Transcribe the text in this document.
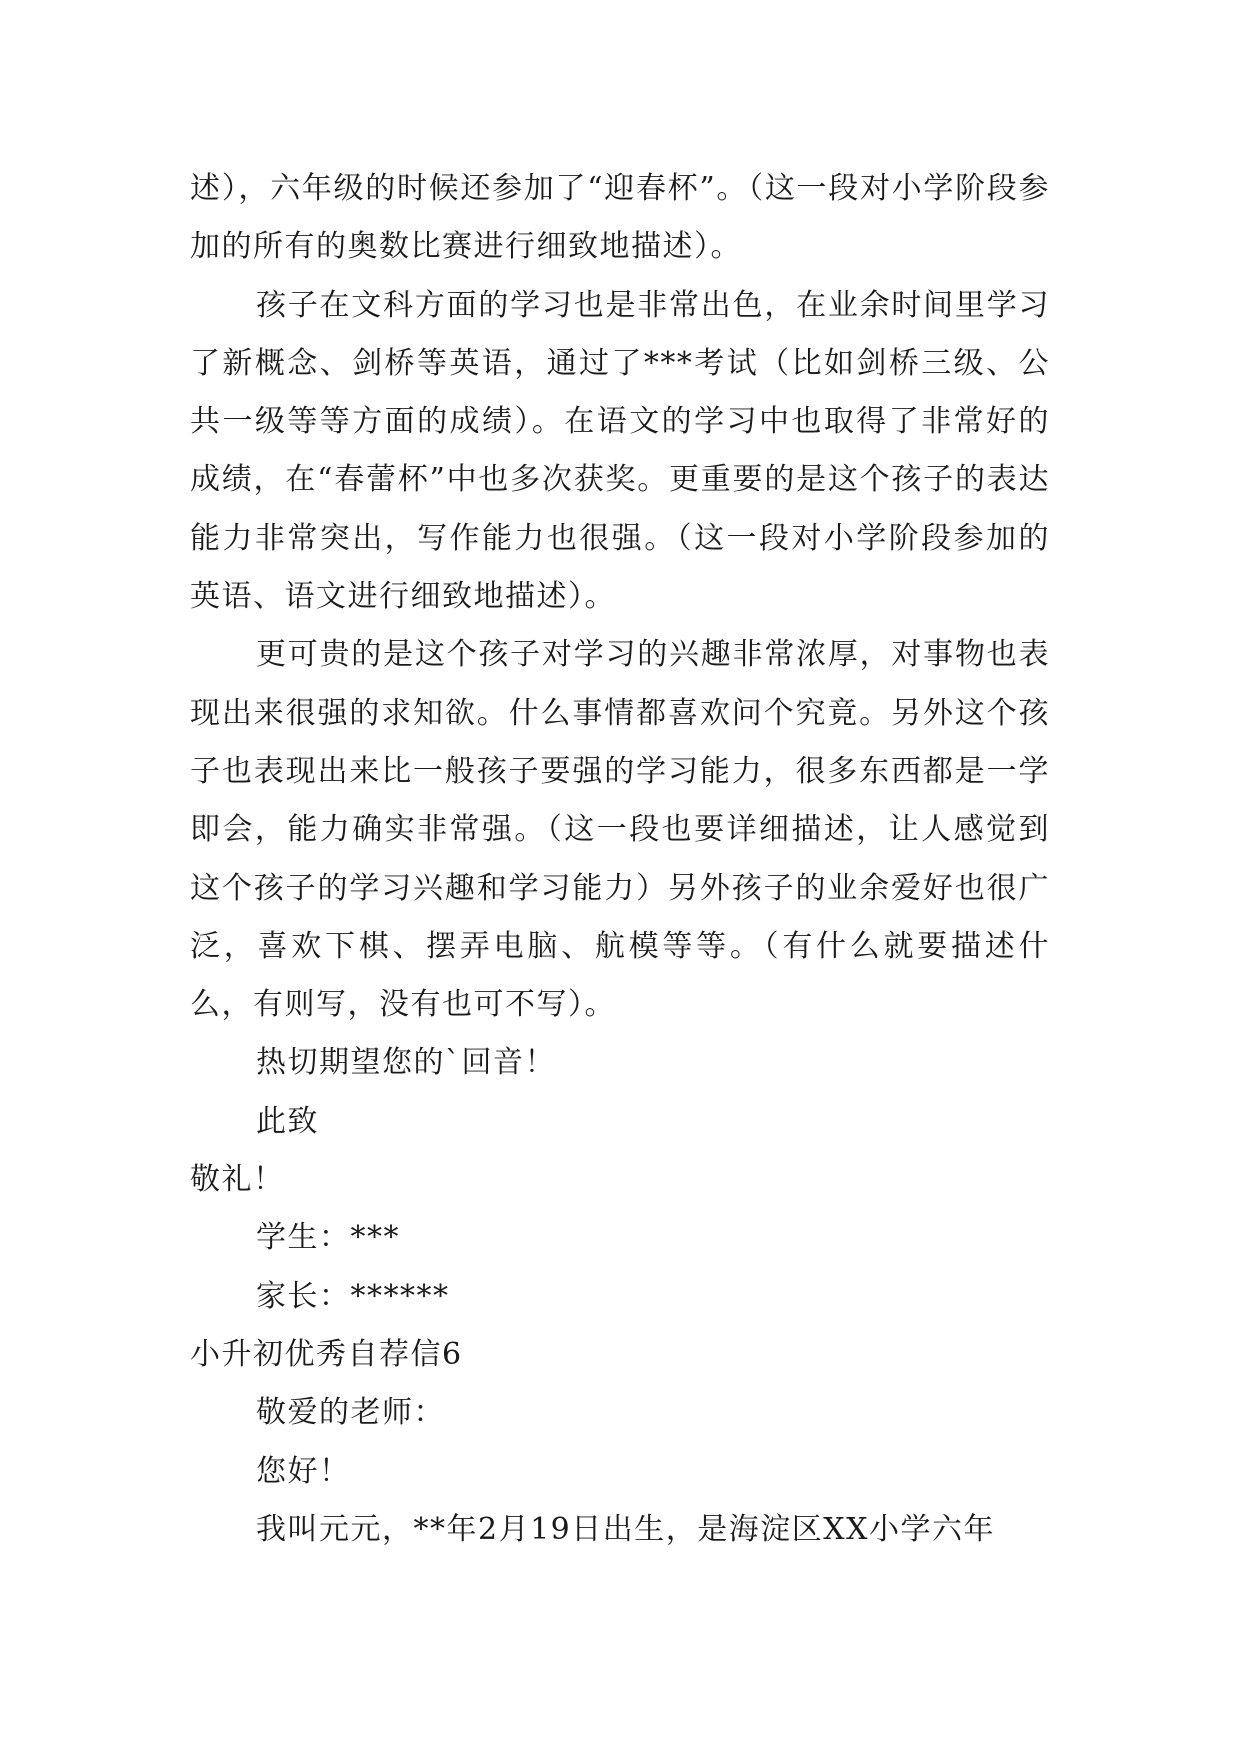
述），六年级的时候还参加了“迎春杯”。（这一段对小学阶段参加的所有的奥数比赛进行细致地描述）。

孩子在文科方面的学习也是非常出色，在业余时间里学习了新概念、剑桥等英语，通过了***考试（比如剑桥三级、公共一级等等方面的成绩）。在语文的学习中也取得了非常好的成绩，在“春蕾杯”中也多次获奖。更重要的是这个孩子的表达能力非常突出，写作能力也很强。（这一段对小学阶段参加的英语、语文进行细致地描述）。

更可贵的是这个孩子对学习的兴趣非常浓厚，对事物也表现出来很强的求知欲。什么事情都喜欢问个究竟。另外这个孩子也表现出来比一般孩子要强的学习能力，很多东西都是一学即会，能力确实非常强。（这一段也要详细描述，让人感觉到这个孩子的学习兴趣和学习能力）另外孩子的业余爱好也很广泛，喜欢下棋、摆弄电脑、航模等等。（有什么就要描述什么，有则写，没有也可不写）。

热切期望您的`回音！

此致

敬礼！

学生：***

家长：******

小升初优秀自荐信6

敬爱的老师：

您好！

我叫元元，**年2月19日出生，是海淀区XX小学六年
